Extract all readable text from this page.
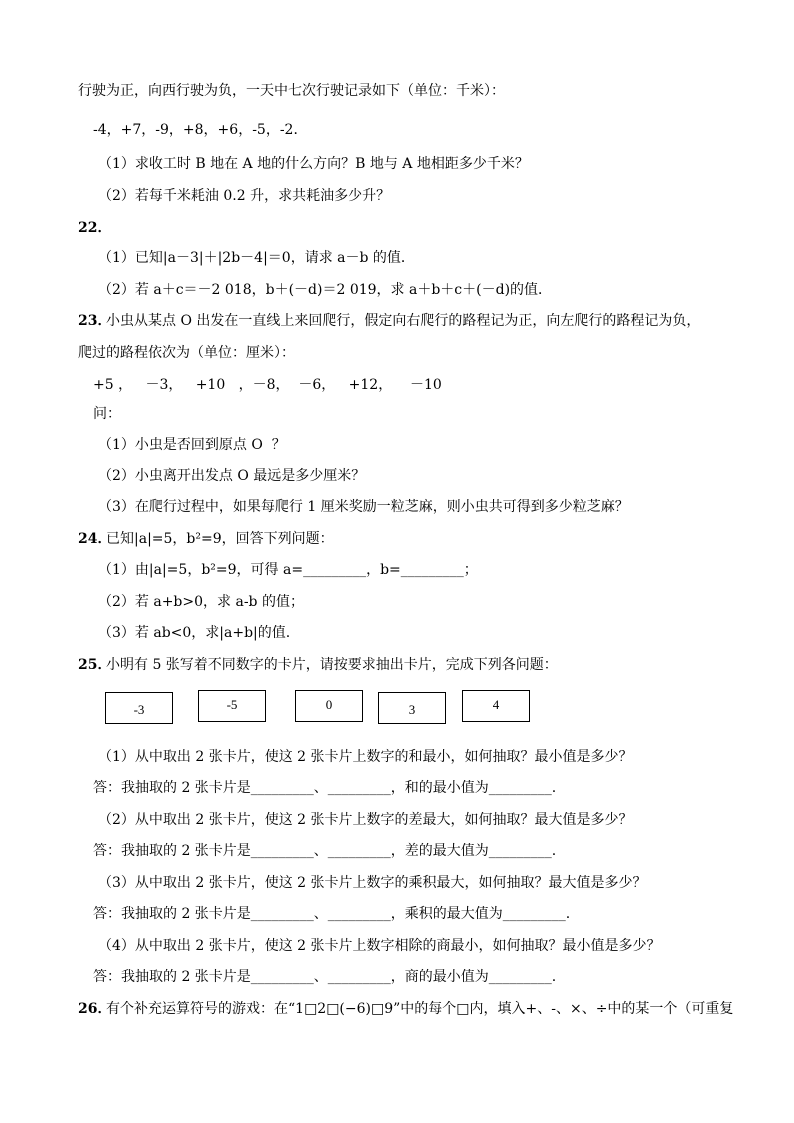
行驶为正，向西行驶为负，一天中七次行驶记录如下（单位：千米）：
-4，+7，-9，+8，+6，-5，-2．
（1）求收工时 B 地在 A 地的什么方向？B 地与 A 地相距多少千米？
（2）若每千米耗油 0.2 升，求共耗油多少升？
22．
（1）已知|a－3|＋|2b－4|＝0，请求 a－b 的值．
（2）若 a＋c＝－2 018，b＋(－d)＝2 019，求 a＋b＋c＋(－d)的值．
23．
小虫从某点 O 出发在一直线上来回爬行，假定向右爬行的路程记为正，向左爬行的路程记为负，
爬过的路程依次为（单位：厘米）：
+5 ，   －3，   +10   ，－8，  －6，   +12，    －10
问：
（1）小虫是否回到原点 O  ？
（2）小虫离开出发点 O 最远是多少厘米？
（3）在爬行过程中，如果每爬行 1 厘米奖励一粒芝麻，则小虫共可得到多少粒芝麻？
24．
已知|a|=5，b²=9，回答下列问题：
（1）由|a|=5，b²=9，可得 a=_________，b=_________；
（2）若 a+b>0，求 a-b 的值；
（3）若 ab<0，求|a+b|的值.
25．
小明有 5 张写着不同数字的卡片，请按要求抽出卡片，完成下列各问题：
-3	-5	0	3	4
（1）从中取出 2 张卡片，使这 2 张卡片上数字的和最小，如何抽取？最小值是多少？
答：我抽取的 2 张卡片是_________、_________，和的最小值为_________.
（2）从中取出 2 张卡片，使这 2 张卡片上数字的差最大，如何抽取？最大值是多少？
答：我抽取的 2 张卡片是_________、_________，差的最大值为_________.
（3）从中取出 2 张卡片，使这 2 张卡片上数字的乘积最大，如何抽取？最大值是多少？
答：我抽取的 2 张卡片是_________、_________，乘积的最大值为_________.
（4）从中取出 2 张卡片，使这 2 张卡片上数字相除的商最小，如何抽取？最小值是多少？
答：我抽取的 2 张卡片是_________、_________，商的最小值为_________.
26．
有个补充运算符号的游戏：在“1□2□(−6)□9”中的每个□内，填入+、-、×、÷中的某一个（可重复
